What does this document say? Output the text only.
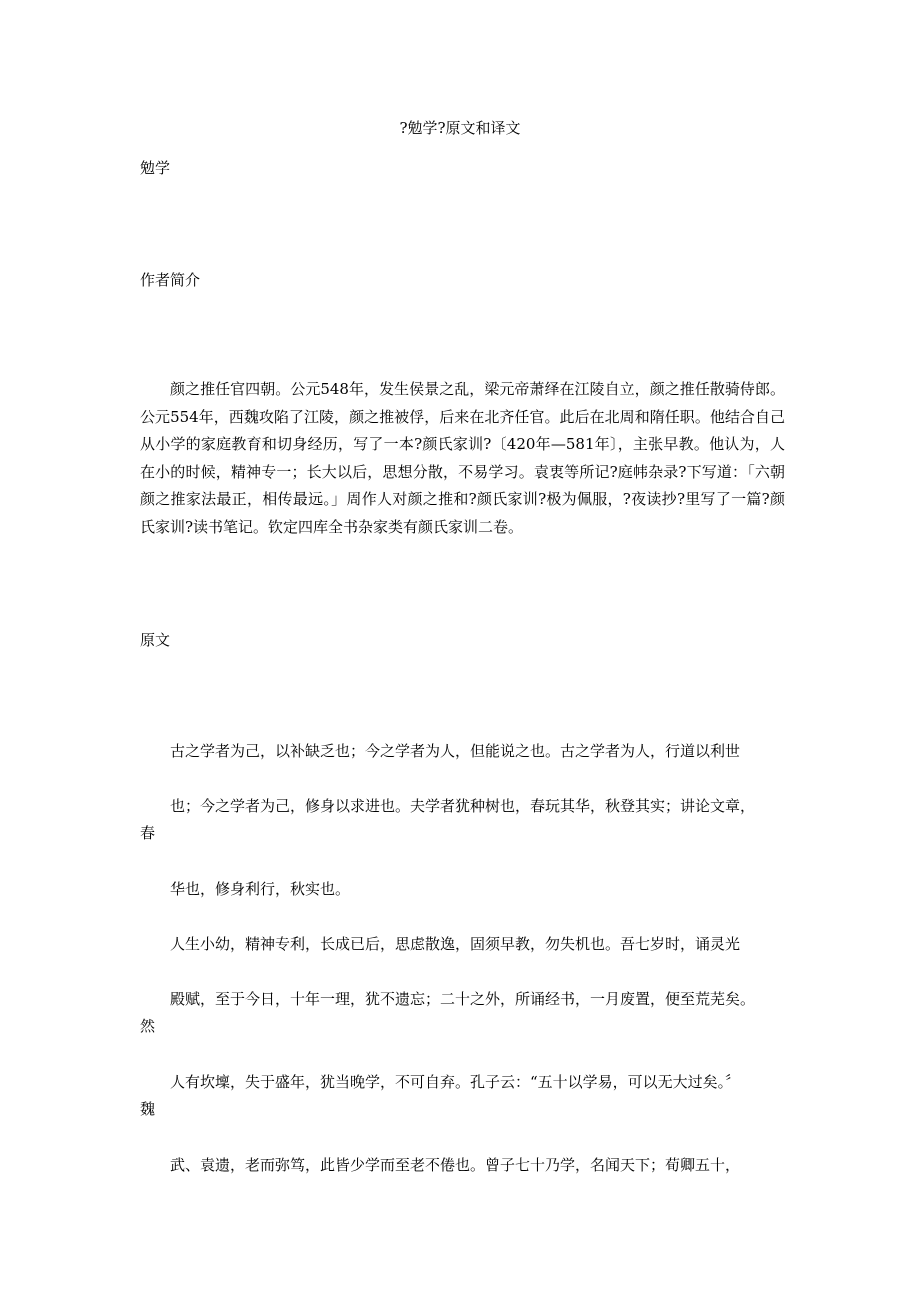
?勉学?原文和译文
勉学
作者简介
颜之推任官四朝。公元548年，发生侯景之乱，梁元帝萧绎在江陵自立，颜之推任散骑侍郎。公元554年，西魏攻陷了江陵，颜之推被俘，后来在北齐任官。此后在北周和隋任职。他结合自己从小学的家庭教育和切身经历，写了一本?颜氏家训?〔420年—581年〕，主张早教。他认为，人在小的时候，精神专一；长大以后，思想分散，不易学习。袁衷等所记?庭帏杂录?下写道：「六朝颜之推家法最正，相传最远。」周作人对颜之推和?颜氏家训?极为佩服，?夜读抄?里写了一篇?颜氏家训?读书笔记。钦定四库全书杂家类有颜氏家训二卷。
原文
古之学者为己，以补缺乏也；今之学者为人，但能说之也。古之学者为人，行道以利世
也；今之学者为己，修身以求进也。夫学者犹种树也，春玩其华，秋登其实；讲论文章，
春
华也，修身利行，秋实也。
人生小幼，精神专利，长成已后，思虑散逸，固须早教，勿失机也。吾七岁时，诵灵光
殿赋，至于今日，十年一理，犹不遗忘；二十之外，所诵经书，一月废置，便至荒芜矣。
然
人有坎壈，失于盛年，犹当晚学，不可自弃。孔子云：“五十以学易，可以无大过矣。〞
魏
武、袁遗，老而弥笃，此皆少学而至老不倦也。曾子七十乃学，名闻天下；荀卿五十，
